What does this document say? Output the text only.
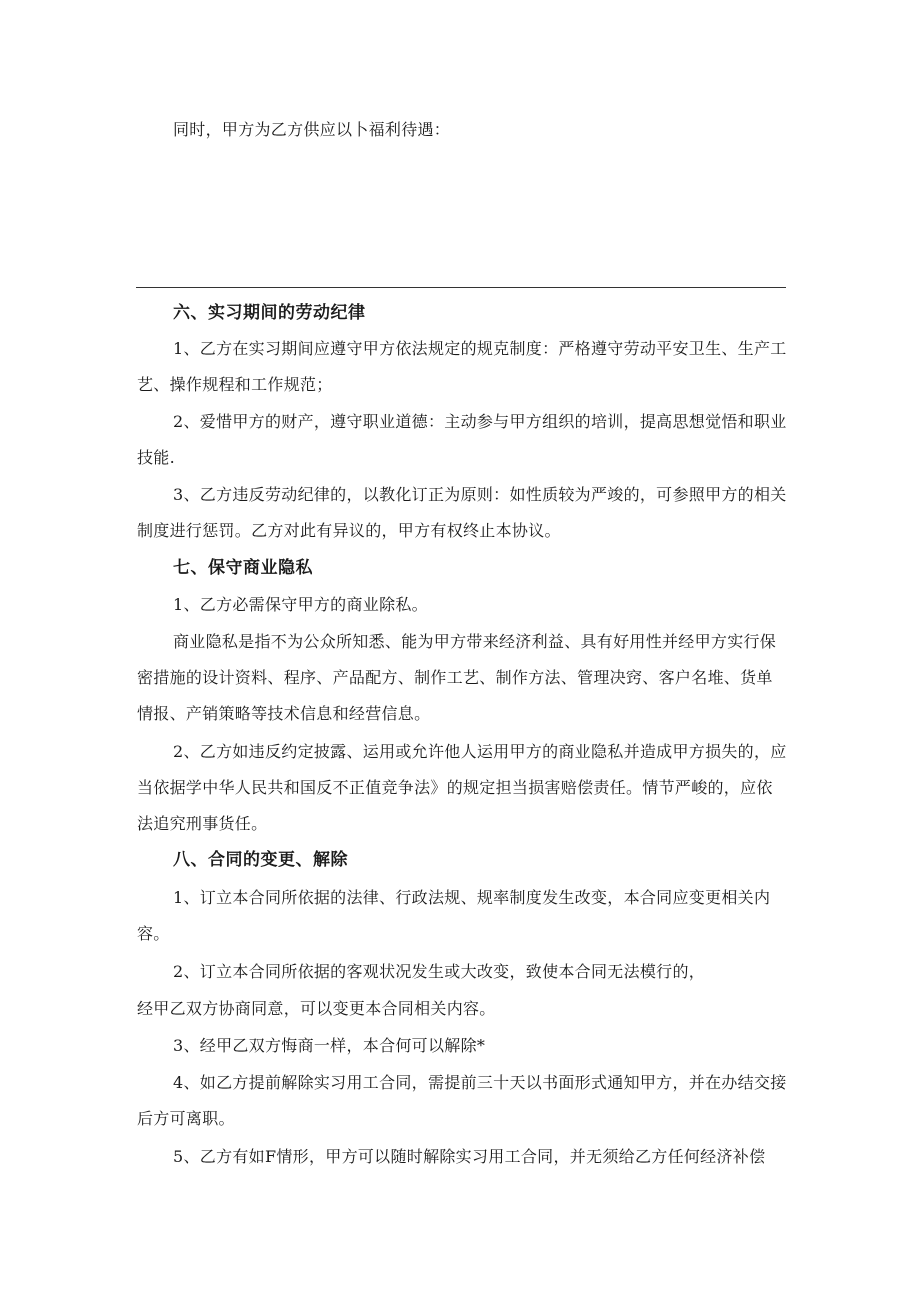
同时，甲方为乙方供应以卜福利待遇：

六、实习期间的劳动纪律

1、乙方在实习期间应遵守甲方依法规定的规克制度：严格遵守劳动平安卫生、生产工艺、操作规程和工作规范；

2、爱惜甲方的财产，遵守职业道德：主动参与甲方组织的培训，提高思想觉悟和职业技能.

3、乙方违反劳动纪律的，以教化订正为原则：如性质较为严竣的，可参照甲方的相关制度进行惩罚。乙方对此有异议的，甲方有权终止本协议。

七、保守商业隐私

1、乙方必需保守甲方的商业除私。

商业隐私是指不为公众所知悉、能为甲方带来经济利益、具有好用性并经甲方实行保密措施的设计资料、程序、产品配方、制作工艺、制作方法、管理决窍、客户名堆、货单情报、产销策略等技术信息和经营信息。

2、乙方如违反约定披露、运用或允许他人运用甲方的商业隐私并造成甲方损失的，应当依据学中华人民共和国反不正值竞争法》的规定担当损害赔偿责任。情节严峻的，应依法追究刑事货任。

八、合同的变更、解除

1、订立本合同所依据的法律、行政法规、规率制度发生改变，本合同应变更相关内容。

2、订立本合同所依据的客观状况发生或大改变，致使本合同无法模行的，

经甲乙双方协商同意，可以变更本合同相关内容。

3、经甲乙双方悔商一样，本合何可以解除*

4、如乙方提前解除实习用工合同，需提前三十天以书面形式通知甲方，并在办结交接后方可离职。

5、乙方有如F情形，甲方可以随时解除实习用工合同，并无须给乙方任何经济补偿
